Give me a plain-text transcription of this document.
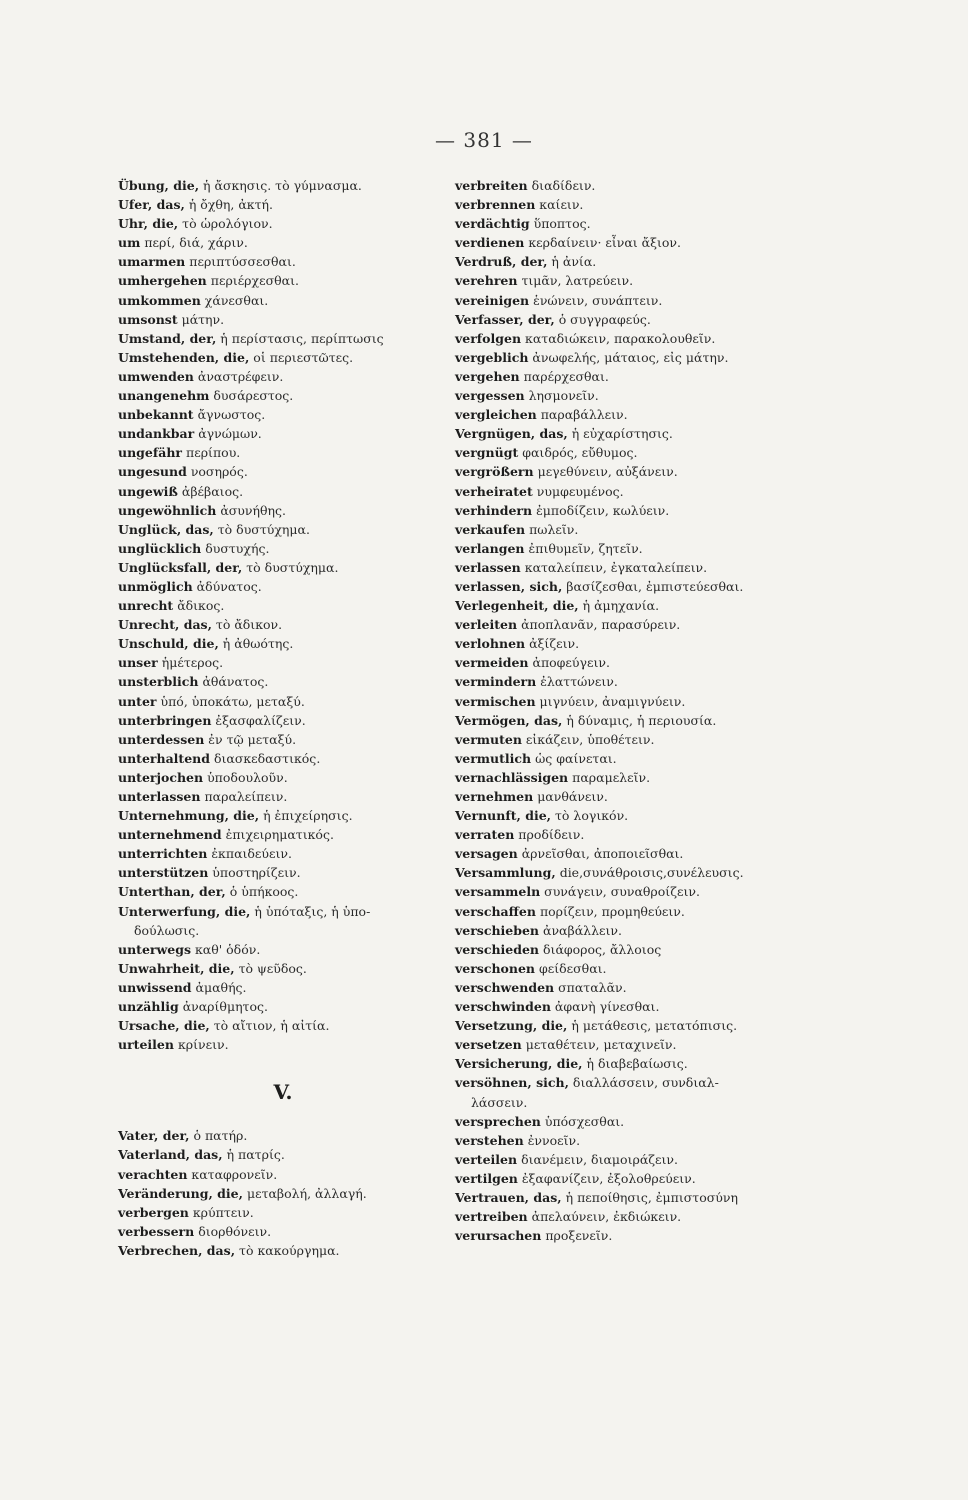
— 381 —
Übung, die, ἡ ἄσκησις. τὸ γύμνασμα.
Ufer, das, ἡ ὄχθη, ἀκτή.
Uhr, die, τὸ ὡρολόγιον.
um περί, διά, χάριν.
umarmen περιπτύσσεσθαι.
umhergehen περιέρχεσθαι.
umkommen χάνεσθαι.
umsonst μάτην.
Umstand, der, ἡ περίστασις, περίπτωσις
Umstehenden, die, οἱ περιεστῶτες.
umwenden ἀναστρέφειν.
unangenehm δυσάρεστος.
unbekannt ἄγνωστος.
undankbar ἀγνώμων.
ungefähr περίπου.
ungesund νοσηρός.
ungewiß ἀβέβαιος.
ungewöhnlich ἀσυνήθης.
Unglück, das, τὸ δυστύχημα.
unglücklich δυστυχής.
Unglücksfall, der, τὸ δυστύχημα.
unmöglich ἀδύνατος.
unrecht ἄδικος.
Unrecht, das, τὸ ἄδικον.
Unschuld, die, ἡ ἀθωότης.
unser ἡμέτερος.
unsterblich ἀθάνατος.
unter ὑπό, ὑποκάτω, μεταξύ.
unterbringen ἐξασφαλίζειν.
unterdessen ἐν τῷ μεταξύ.
unterhaltend διασκεδαστικός.
unterjochen ὑποδουλοῦν.
unterlassen παραλείπειν.
Unternehmung, die, ἡ ἐπιχείρησις.
unternehmend ἐπιχειρηματικός.
unterrichten ἐκπαιδεύειν.
unterstützen ὑποστηρίζειν.
Unterthan, der, ὁ ὑπήκοος.
Unterwerfung, die, ἡ ὑπόταξις, ἡ ὑπο-
δούλωσις.
unterwegs καθ' ὁδόν.
Unwahrheit, die, τὸ ψεῦδος.
unwissend ἀμαθής.
unzählig ἀναρίθμητος.
Ursache, die, τὸ αἴτιον, ἡ αἰτία.
urteilen κρίνειν.
V.
Vater, der, ὁ πατήρ.
Vaterland, das, ἡ πατρίς.
verachten καταφρονεῖν.
Veränderung, die, μεταβολή, ἀλλαγή.
verbergen κρύπτειν.
verbessern διορθόνειν.
Verbrechen, das, τὸ κακούργημα.
verbreiten διαδίδειν.
verbrennen καίειν.
verdächtig ὕποπτος.
verdienen κερδαίνειν· εἶναι ἄξιον.
Verdruß, der, ἡ ἀνία.
verehren τιμᾶν, λατρεύειν.
vereinigen ἑνώνειν, συνάπτειν.
Verfasser, der, ὁ συγγραφεύς.
verfolgen καταδιώκειν, παρακολουθεῖν.
vergeblich ἀνωφελής, μάταιος, εἰς μάτην.
vergehen παρέρχεσθαι.
vergessen λησμονεῖν.
vergleichen παραβάλλειν.
Vergnügen, das, ἡ εὐχαρίστησις.
vergnügt φαιδρός, εὔθυμος.
vergrößern μεγεθύνειν, αὐξάνειν.
verheiratet νυμφευμένος.
verhindern ἐμποδίζειν, κωλύειν.
verkaufen πωλεῖν.
verlangen ἐπιθυμεῖν, ζητεῖν.
verlassen καταλείπειν, ἐγκαταλείπειν.
verlassen, sich, βασίζεσθαι, ἐμπιστεύεσθαι.
Verlegenheit, die, ἡ ἀμηχανία.
verleiten ἀποπλανᾶν, παρασύρειν.
verlohnen ἀξίζειν.
vermeiden ἀποφεύγειν.
vermindern ἐλαττώνειν.
vermischen μιγνύειν, ἀναμιγνύειν.
Vermögen, das, ἡ δύναμις, ἡ περιουσία.
vermuten εἰκάζειν, ὑποθέτειν.
vermutlich ὡς φαίνεται.
vernachlässigen παραμελεῖν.
vernehmen μανθάνειν.
Vernunft, die, τὸ λογικόν.
verraten προδίδειν.
versagen ἀρνεῖσθαι, ἀποποιεῖσθαι.
Versammlung, die,συνάθροισις,συνέλευσις.
versammeln συνάγειν, συναθροίζειν.
verschaffen πορίζειν, προμηθεύειν.
verschieben ἀναβάλλειν.
verschieden διάφορος, ἄλλοιος
verschonen φείδεσθαι.
verschwenden σπαταλᾶν.
verschwinden ἀφανὴ γίνεσθαι.
Versetzung, die, ἡ μετάθεσις, μετατόπισις.
versetzen μεταθέτειν, μεταχινεῖν.
Versicherung, die, ἡ διαβεβαίωσις.
versöhnen, sich, διαλλάσσειν, συνδιαλ-
λάσσειν.
versprechen ὑπόσχεσθαι.
verstehen ἐννοεῖν.
verteilen διανέμειν, διαμοιράζειν.
vertilgen ἐξαφανίζειν, ἐξολοθρεύειν.
Vertrauen, das, ἡ πεποίθησις, ἐμπιστοσύνη
vertreiben ἀπελαύνειν, ἐκδιώκειν.
verursachen προξενεῖν.
